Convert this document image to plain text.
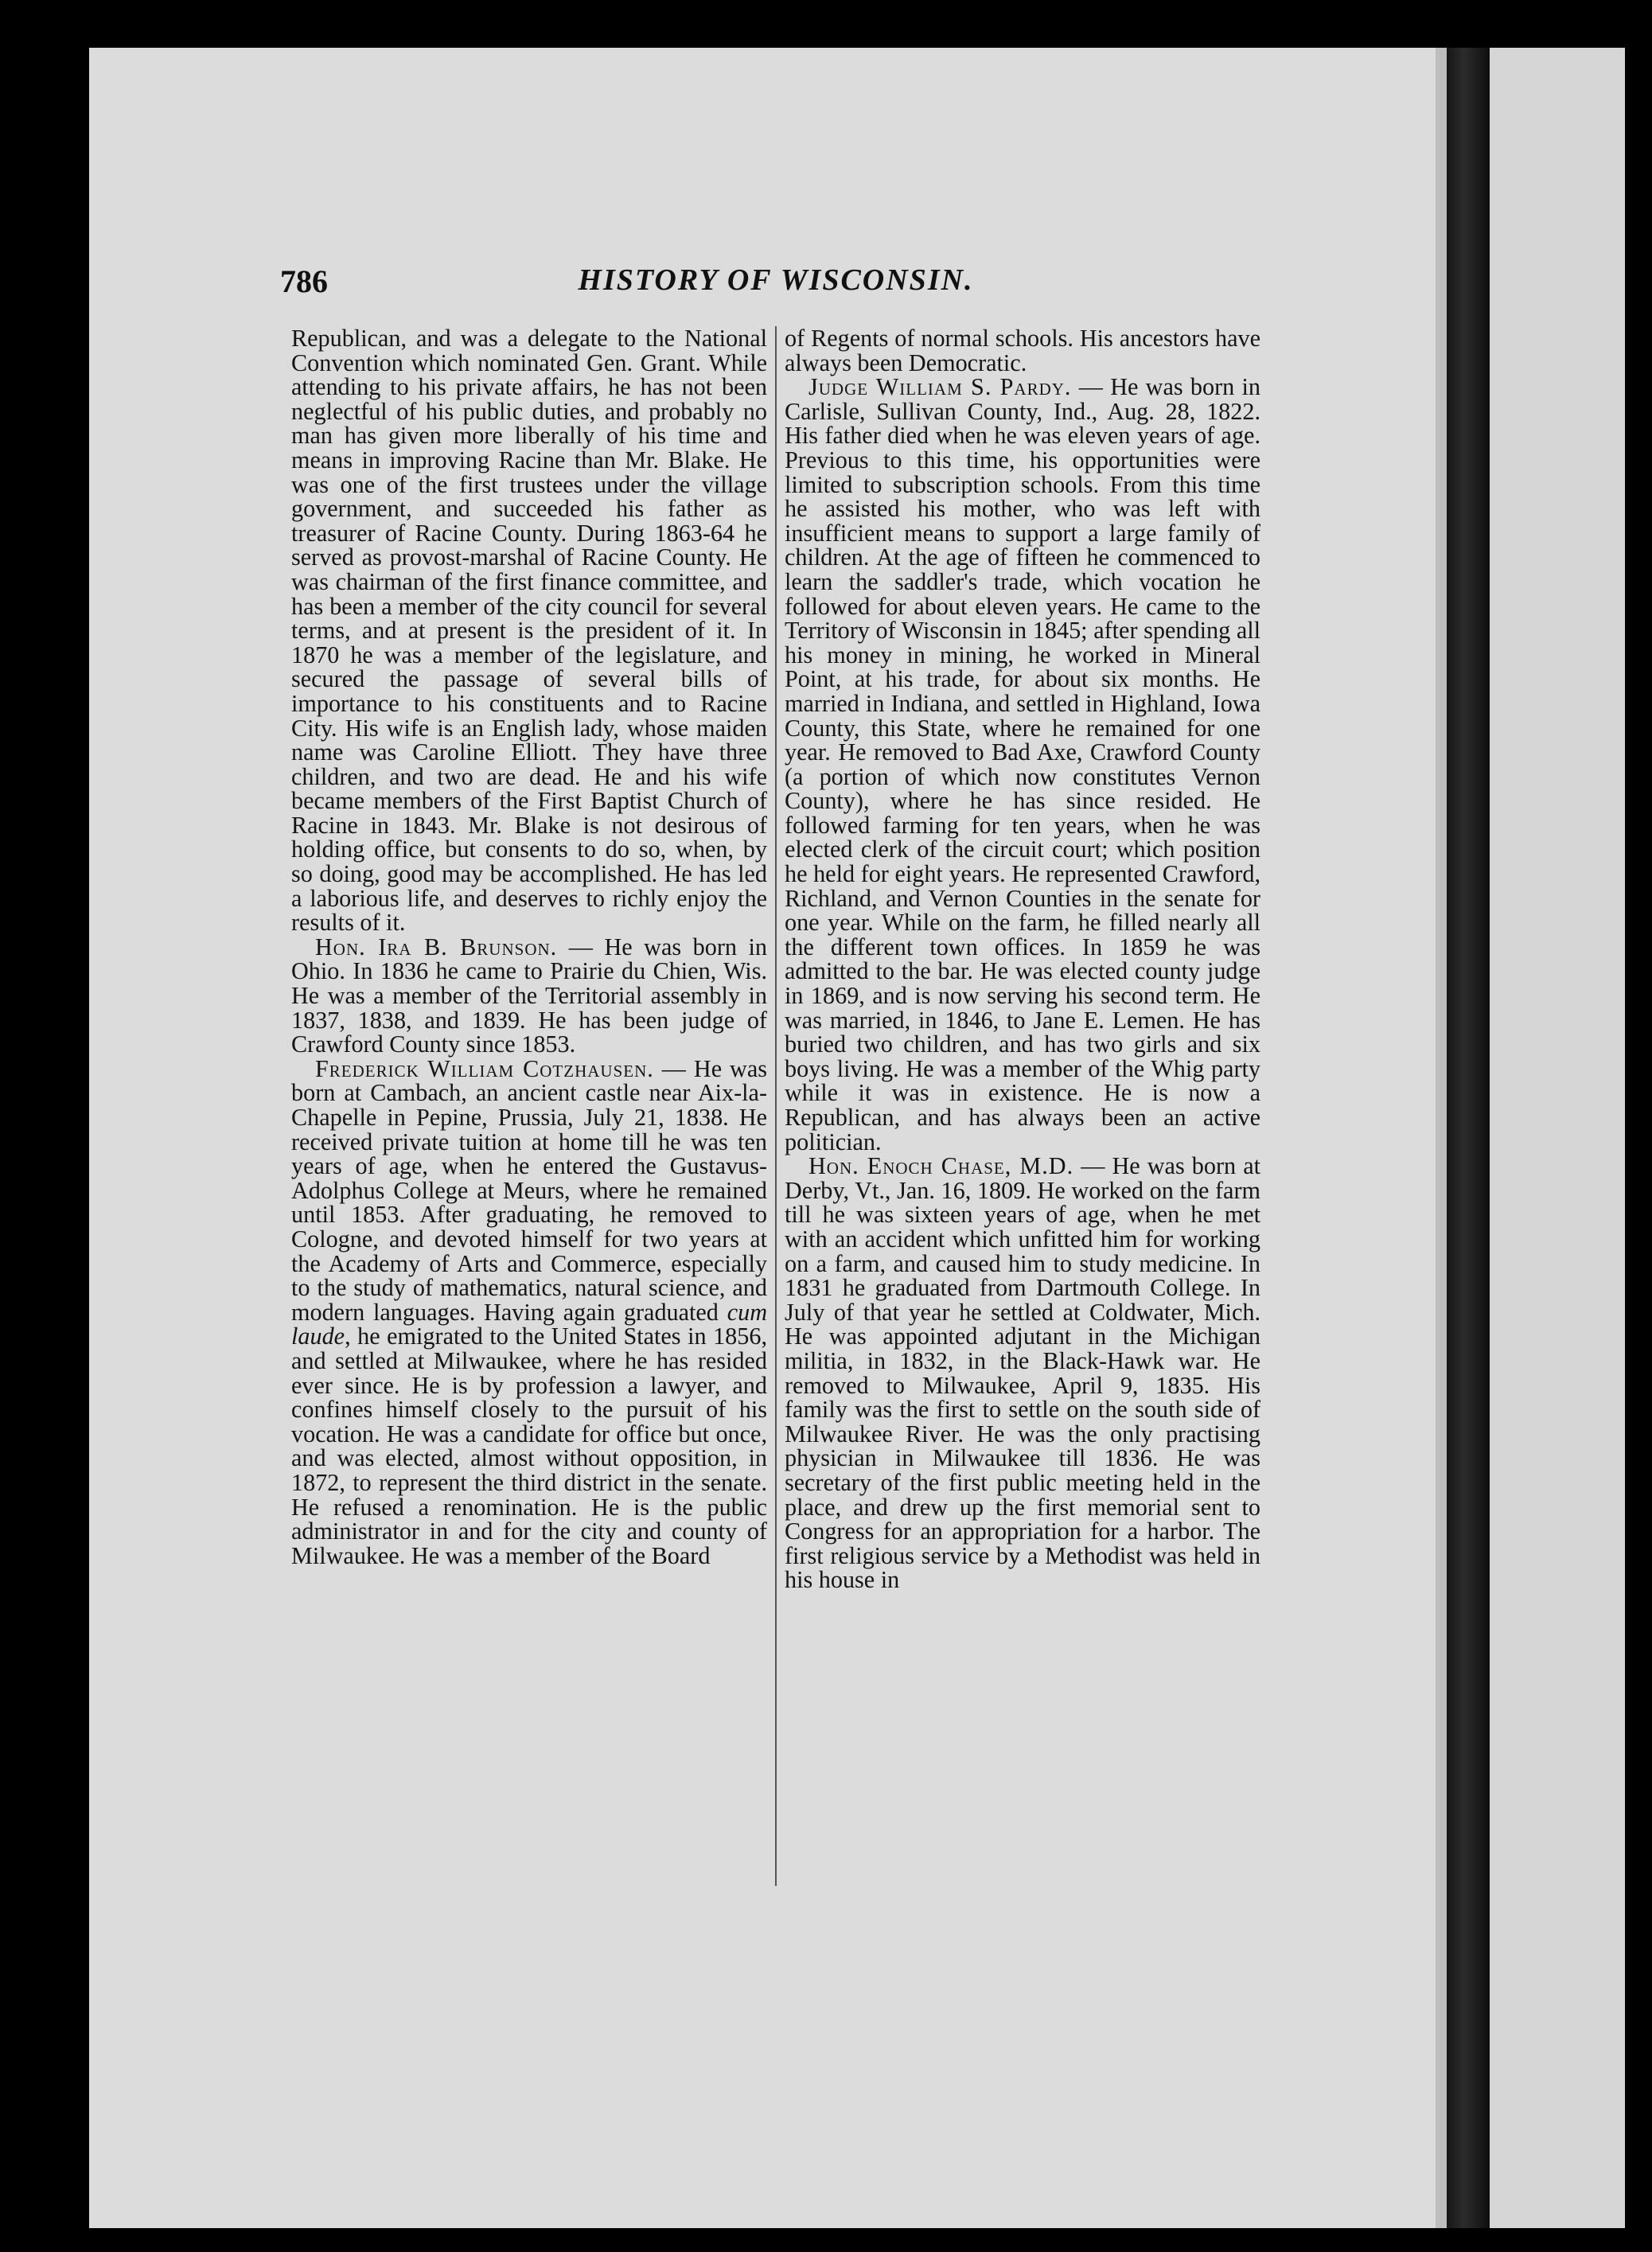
786	HISTORY OF WISCONSIN.

Republican, and was a delegate to the National Convention which nominated Gen. Grant. While attending to his private affairs, he has not been neglectful of his public duties, and probably no man has given more liberally of his time and means in improving Racine than Mr. Blake. He was one of the first trustees under the village government, and succeeded his father as treasurer of Racine County. During 1863-64 he served as provost-marshal of Racine County. He was chairman of the first finance committee, and has been a member of the city council for several terms, and at present is the president of it. In 1870 he was a member of the legislature, and secured the passage of several bills of importance to his constituents and to Racine City. His wife is an English lady, whose maiden name was Caroline Elliott. They have three children, and two are dead. He and his wife became members of the First Baptist Church of Racine in 1843. Mr. Blake is not desirous of holding office, but consents to do so, when, by so doing, good may be accomplished. He has led a laborious life, and deserves to richly enjoy the results of it.

Hon. Ira B. Brunson. — He was born in Ohio. In 1836 he came to Prairie du Chien, Wis. He was a member of the Territorial assembly in 1837, 1838, and 1839. He has been judge of Crawford County since 1853.

Frederick William Cotzhausen. — He was born at Cambach, an ancient castle near Aix-la-Chapelle in Pepine, Prussia, July 21, 1838. He received private tuition at home till he was ten years of age, when he entered the Gustavus-Adolphus College at Meurs, where he remained until 1853. After graduating, he removed to Cologne, and devoted himself for two years at the Academy of Arts and Commerce, especially to the study of mathematics, natural science, and modern languages. Having again graduated cum laude, he emigrated to the United States in 1856, and settled at Milwaukee, where he has resided ever since. He is by profession a lawyer, and confines himself closely to the pursuit of his vocation. He was a candidate for office but once, and was elected, almost without opposition, in 1872, to represent the third district in the senate. He refused a renomination. He is the public administrator in and for the city and county of Milwaukee. He was a member of the Board

of Regents of normal schools. His ancestors have always been Democratic.

Judge William S. Pardy. — He was born in Carlisle, Sullivan County, Ind., Aug. 28, 1822. His father died when he was eleven years of age. Previous to this time, his opportunities were limited to subscription schools. From this time he assisted his mother, who was left with insufficient means to support a large family of children. At the age of fifteen he commenced to learn the saddler's trade, which vocation he followed for about eleven years. He came to the Territory of Wisconsin in 1845; after spending all his money in mining, he worked in Mineral Point, at his trade, for about six months. He married in Indiana, and settled in Highland, Iowa County, this State, where he remained for one year. He removed to Bad Axe, Crawford County (a portion of which now constitutes Vernon County), where he has since resided. He followed farming for ten years, when he was elected clerk of the circuit court; which position he held for eight years. He represented Crawford, Richland, and Vernon Counties in the senate for one year. While on the farm, he filled nearly all the different town offices. In 1859 he was admitted to the bar. He was elected county judge in 1869, and is now serving his second term. He was married, in 1846, to Jane E. Lemen. He has buried two children, and has two girls and six boys living. He was a member of the Whig party while it was in existence. He is now a Republican, and has always been an active politician.

Hon. Enoch Chase, M.D. — He was born at Derby, Vt., Jan. 16, 1809. He worked on the farm till he was sixteen years of age, when he met with an accident which unfitted him for working on a farm, and caused him to study medicine. In 1831 he graduated from Dartmouth College. In July of that year he settled at Coldwater, Mich. He was appointed adjutant in the Michigan militia, in 1832, in the Black-Hawk war. He removed to Milwaukee, April 9, 1835. His family was the first to settle on the south side of Milwaukee River. He was the only practising physician in Milwaukee till 1836. He was secretary of the first public meeting held in the place, and drew up the first memorial sent to Congress for an appropriation for a harbor. The first religious service by a Methodist was held in his house in
